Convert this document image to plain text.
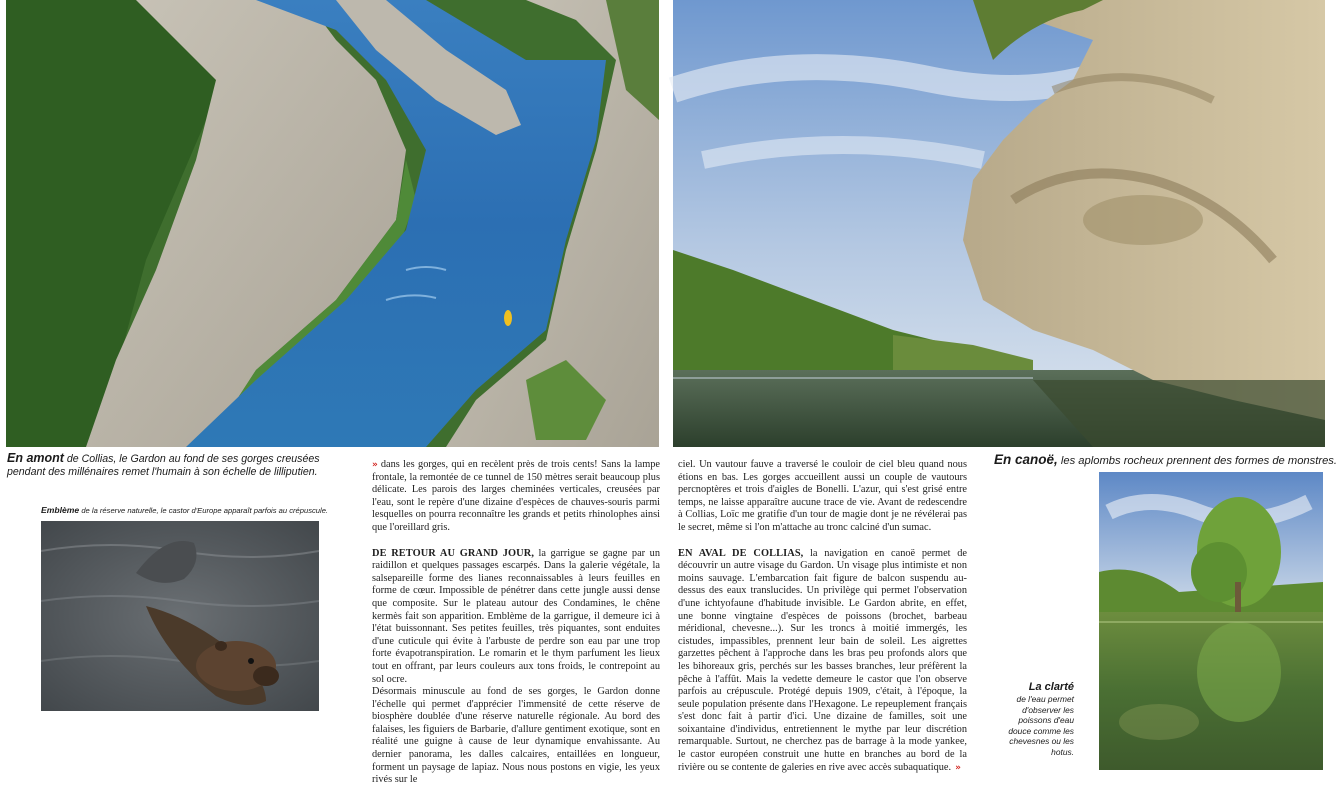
En amont de Collias, le Gardon au fond de ses gorges creusées pendant des millénaires remet l'humain à son échelle de lilliputien.
En canoë, les aplombs rocheux prennent des formes de monstres.
Emblème de la réserve naturelle, le castor d'Europe apparaît parfois au crépuscule.
La clarté
de l'eau permet d'observer les poissons d'eau douce comme les chevesnes ou les hotus.

» dans les gorges, qui en recèlent près de trois cents! Sans la lampe frontale, la remontée de ce tunnel de 150 mètres serait beaucoup plus délicate. Les parois des larges cheminées verticales, creusées par l'eau, sont le repère d'une dizaine d'espèces de chauves-souris parmi lesquelles on pourra reconnaître les grands et petits rhinolophes ainsi que l'oreillard gris.

DE RETOUR AU GRAND JOUR, la garrigue se gagne par un raidillon et quelques passages escarpés. Dans la galerie végétale, la salsepareille forme des lianes reconnaissables à leurs feuilles en forme de cœur. Impossible de pénétrer dans cette jungle aussi dense que composite. Sur le plateau autour des Condamines, le chêne kermès fait son apparition. Emblème de la garrigue, il demeure ici à l'état buissonnant. Ses petites feuilles, très piquantes, sont enduites d'une cuticule qui évite à l'arbuste de perdre son eau par une trop forte évapotranspiration. Le romarin et le thym parfument les lieux tout en offrant, par leurs couleurs aux tons froids, le contrepoint au sol ocre.

Désormais minuscule au fond de ses gorges, le Gardon donne l'échelle qui permet d'apprécier l'immensité de cette réserve de biosphère doublée d'une réserve naturelle régionale. Au bord des falaises, les figuiers de Barbarie, d'allure gentiment exotique, sont en réalité une guigne à cause de leur dynamique envahissante. Au dernier panorama, les dalles calcaires, entaillées en longueur, forment un paysage de lapiaz. Nous nous postons en vigie, les yeux rivés sur le

ciel. Un vautour fauve a traversé le couloir de ciel bleu quand nous étions en bas. Les gorges accueillent aussi un couple de vautours percnoptères et trois d'aigles de Bonelli. L'azur, qui s'est grisé entre temps, ne laisse apparaître aucune trace de vie. Avant de redescendre à Collias, Loïc me gratifie d'un tour de magie dont je ne révélerai pas le secret, même si l'on m'attache au tronc calciné d'un sumac.

EN AVAL DE COLLIAS, la navigation en canoë permet de découvrir un autre visage du Gardon. Un visage plus intimiste et non moins sauvage. L'embarcation fait figure de balcon suspendu au-dessus des eaux translucides. Un privilège qui permet l'observation d'une ichtyofaune d'habitude invisible. Le Gardon abrite, en effet, une bonne vingtaine d'espèces de poissons (brochet, barbeau méridional, chevesne...). Sur les troncs à moitié immergés, les cistudes, impassibles, prennent leur bain de soleil. Les aigrettes garzettes pêchent à l'approche dans les bras peu profonds alors que les bihoreaux gris, perchés sur les basses branches, leur préfèrent la pêche à l'affût. Mais la vedette demeure le castor que l'on observe parfois au crépuscule. Protégé depuis 1909, c'était, à l'époque, la seule population présente dans l'Hexagone. Le repeuplement français s'est donc fait à partir d'ici. Une dizaine de familles, soit une soixantaine d'individus, entretiennent le mythe par leur discrétion remarquable. Surtout, ne cherchez pas de barrage à la mode yankee, le castor européen construit une hutte en branches au bord de la rivière ou se contente de galeries en rive avec accès subaquatique. »
